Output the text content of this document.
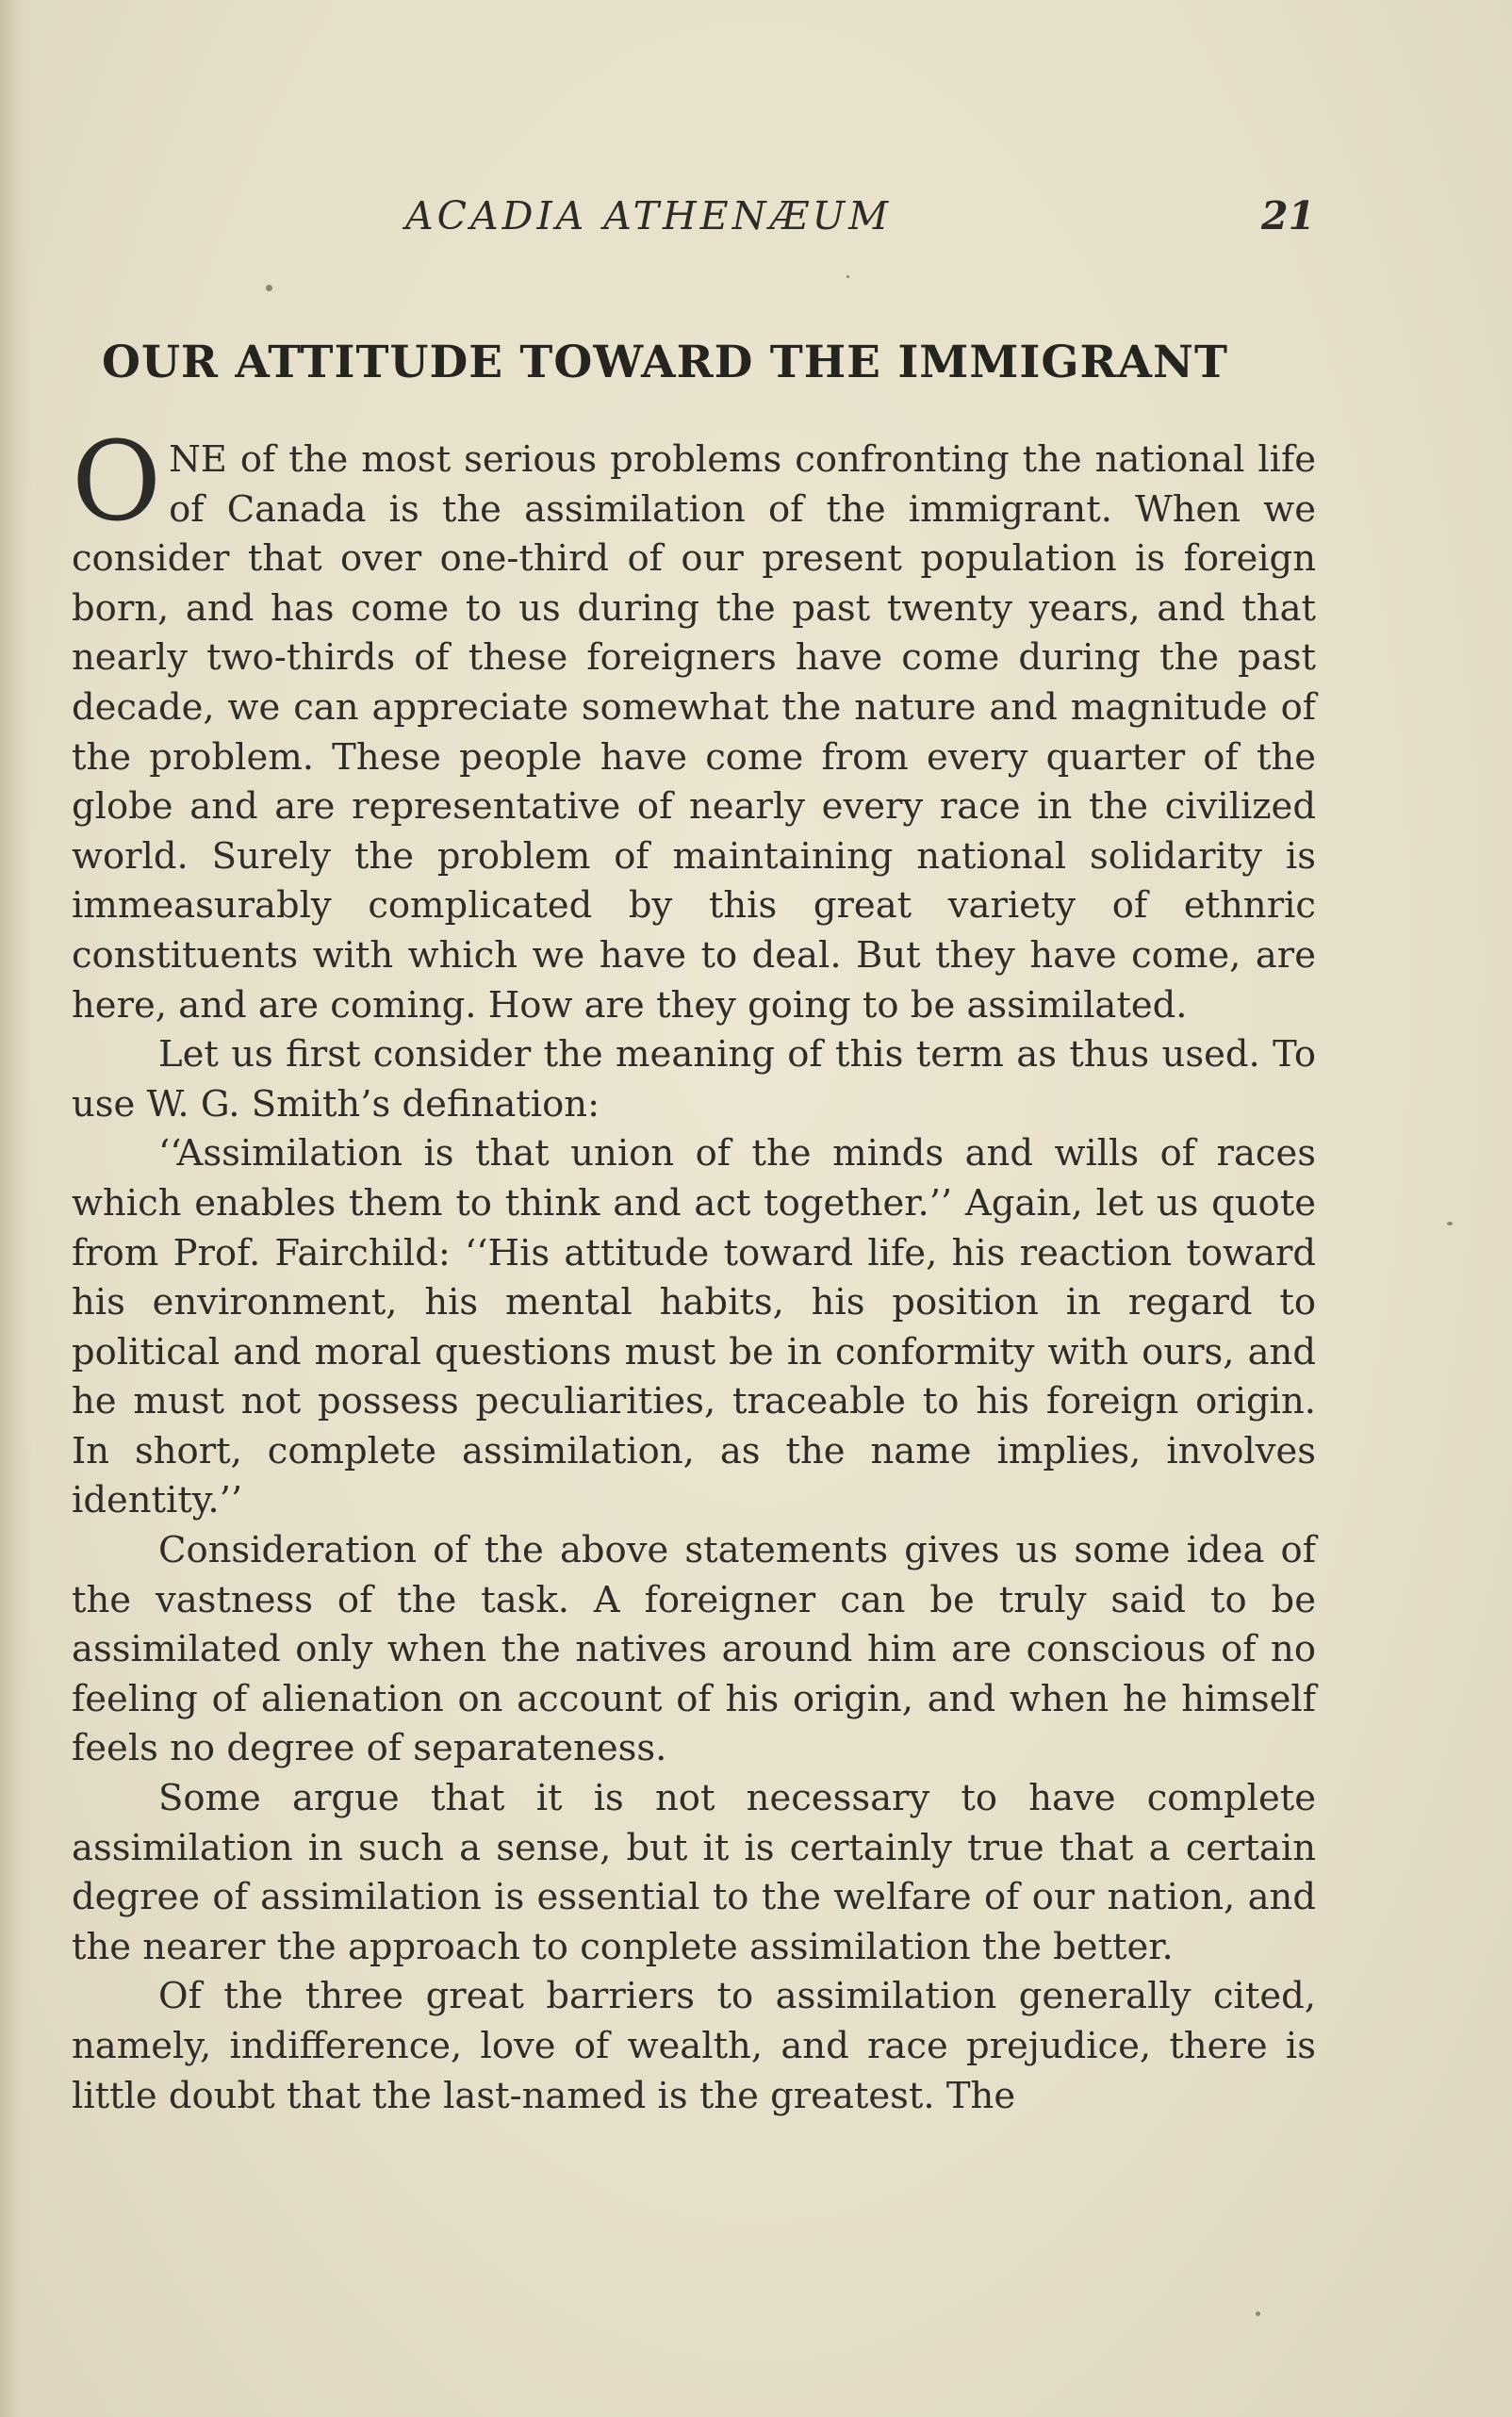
ACADIA ATHENÆUM	21
OUR ATTITUDE TOWARD THE IMMIGRANT

ONE of the most serious problems confronting the national life of Canada is the assimilation of the immigrant. When we consider that over one-third of our present population is foreign born, and has come to us during the past twenty years, and that nearly two-thirds of these foreigners have come during the past decade, we can appreciate somewhat the nature and magnitude of the problem. These people have come from every quarter of the globe and are representative of nearly every race in the civilized world. Surely the problem of maintaining national solidarity is immeasurably complicated by this great variety of ethnric constituents with which we have to deal. But they have come, are here, and are coming. How are they going to be assimilated.

Let us first consider the meaning of this term as thus used. To use W. G. Smith’s defination:

‘‘Assimilation is that union of the minds and wills of races which enables them to think and act together.’’ Again, let us quote from Prof. Fairchild: ‘‘His attitude toward life, his reaction toward his environment, his mental habits, his position in regard to political and moral questions must be in conformity with ours, and he must not possess peculiarities, traceable to his foreign origin. In short, complete assimilation, as the name implies, involves identity.’’

Consideration of the above statements gives us some idea of the vastness of the task. A foreigner can be truly said to be assimilated only when the natives around him are conscious of no feeling of alienation on account of his origin, and when he himself feels no degree of separateness.

Some argue that it is not necessary to have complete assimilation in such a sense, but it is certainly true that a certain degree of assimilation is essential to the welfare of our nation, and the nearer the approach to conplete assimilation the better.

Of the three great barriers to assimilation generally cited, namely, indifference, love of wealth, and race prejudice, there is little doubt that the last-named is the greatest. The
